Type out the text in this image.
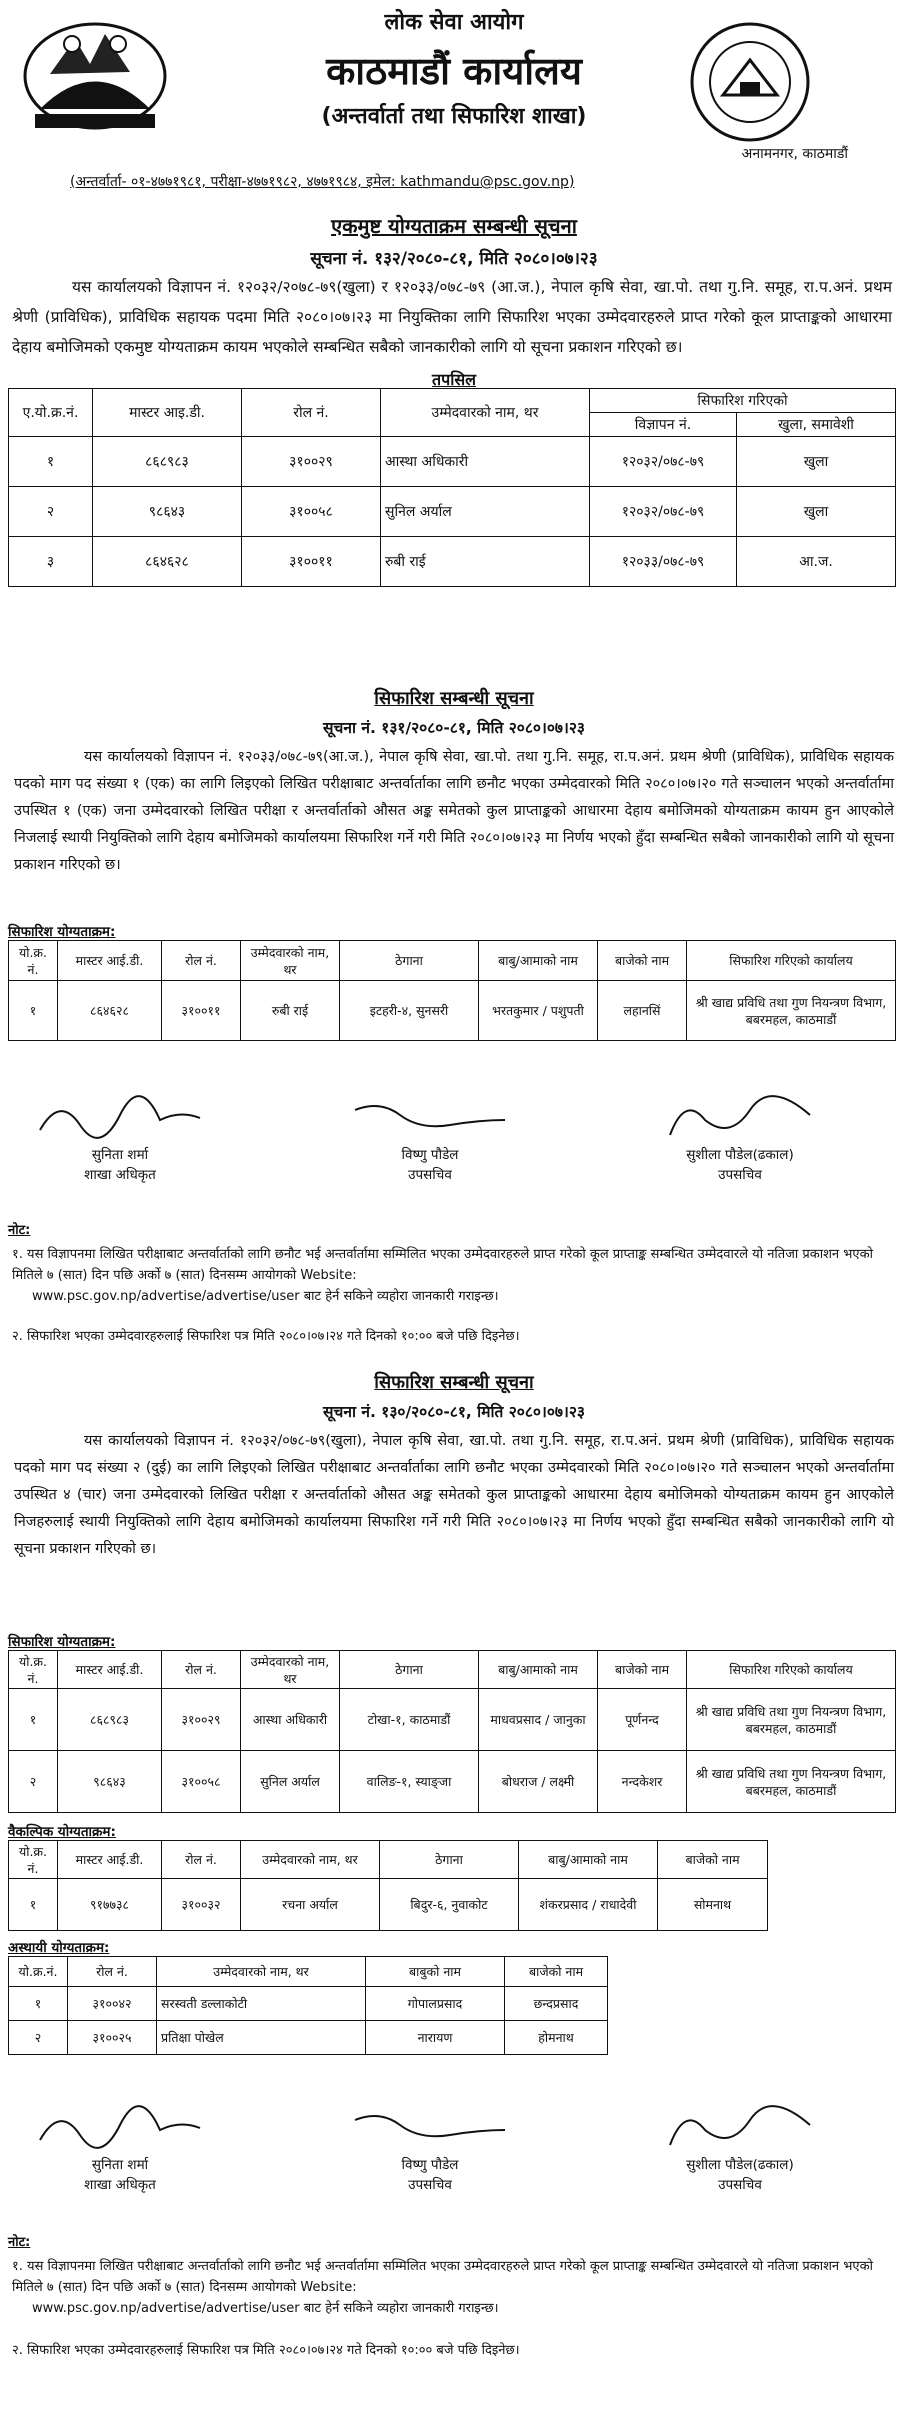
लोक सेवा आयोग
काठमाडौं कार्यालय
(अन्तर्वार्ता तथा सिफारिश शाखा)
अनामनगर, काठमाडौं
(अन्तर्वार्ता- ०१-४७७१९८१, परीक्षा-४७७१९८२, ४७७१९८४, इमेल: kathmandu@psc.gov.np)
एकमुष्ट योग्यताक्रम सम्बन्धी सूचना
सूचना नं. १३२/२०८०-८१, मिति २०८०।०७।२३
यस कार्यालयको विज्ञापन नं. १२०३२/२०७८-७९(खुला) र १२०३३/०७८-७९ (आ.ज.), नेपाल कृषि सेवा, खा.पो. तथा गु.नि. समूह, रा.प.अनं. प्रथम श्रेणी (प्राविधिक), प्राविधिक सहायक पदमा मिति २०८०।०७।२३ मा नियुक्तिका लागि सिफारिश भएका उम्मेदवारहरुले प्राप्त गरेको कूल प्राप्ताङ्कको आधारमा देहाय बमोजिमको एकमुष्ट योग्यताक्रम कायम भएकोले सम्बन्धित सबैको जानकारीको लागि यो सूचना प्रकाशन गरिएको छ।
तपसिल
ए.यो.क्र.नं.	मास्टर आइ.डी.	रोल नं.	उम्मेदवारको नाम, थर	सिफारिश गरिएको	
				विज्ञापन नं.	खुला, समावेशी
१	८६८९८३	३१००२९	आस्था अधिकारी	१२०३२/०७८-७९	खुला
२	९८६४३	३१००५८	सुनिल अर्याल	१२०३२/०७८-७९	खुला
३	८६४६२८	३१००११	रुबी राई	१२०३३/०७८-७९	आ.ज.
सिफारिश सम्बन्धी सूचना
सूचना नं. १३१/२०८०-८१, मिति २०८०।०७।२३
यस कार्यालयको विज्ञापन नं. १२०३३/०७८-७९(आ.ज.), नेपाल कृषि सेवा, खा.पो. तथा गु.नि. समूह, रा.प.अनं. प्रथम श्रेणी (प्राविधिक), प्राविधिक सहायक पदको माग पद संख्या १ (एक) का लागि लिइएको लिखित परीक्षाबाट अन्तर्वार्ताका लागि छनौट भएका उम्मेदवारको मिति २०८०।०७।२० गते सञ्चालन भएको अन्तर्वार्तामा उपस्थित १ (एक) जना उम्मेदवारको लिखित परीक्षा र अन्तर्वार्ताको औसत अङ्क समेतको कुल प्राप्ताङ्कको आधारमा देहाय बमोजिमको योग्यताक्रम कायम हुन आएकोले निजलाई स्थायी नियुक्तिको लागि देहाय बमोजिमको कार्यालयमा सिफारिश गर्ने गरी मिति २०८०।०७।२३ मा निर्णय भएको हुँदा सम्बन्धित सबैको जानकारीको लागि यो सूचना प्रकाशन गरिएको छ।
सिफारिश योग्यताक्रम:
यो.क्र. नं.	मास्टर आई.डी.	रोल नं.	उम्मेदवारको नाम, थर	ठेगाना	बाबु/आमाको नाम	बाजेको नाम	सिफारिश गरिएको कार्यालय
१	८६४६२८	३१००११	रुबी राई	इटहरी-४, सुनसरी	भरतकुमार / पशुपती	लहानसिं	श्री खाद्य प्रविधि तथा गुण नियन्त्रण विभाग, बबरमहल, काठमाडौं
सुनिता शर्मा
शाखा अधिकृत
विष्णु पौडेल
उपसचिव
सुशीला पौडेल(ढकाल)
उपसचिव
नोट:
१. यस विज्ञापनमा लिखित परीक्षाबाट अन्तर्वार्ताको लागि छनौट भई अन्तर्वार्तामा सम्मिलित भएका उम्मेदवारहरुले प्राप्त गरेको कूल प्राप्ताङ्क सम्बन्धित उम्मेदवारले यो नतिजा प्रकाशन भएको मितिले ७ (सात) दिन पछि अर्को ७ (सात) दिनसम्म आयोगको Website:
www.psc.gov.np/advertise/advertise/user बाट हेर्न सकिने व्यहोरा जानकारी गराइन्छ।
२. सिफारिश भएका उम्मेदवारहरुलाई सिफारिश पत्र मिति २०८०।०७।२४ गते दिनको १०:०० बजे पछि दिइनेछ।
सिफारिश सम्बन्धी सूचना
सूचना नं. १३०/२०८०-८१, मिति २०८०।०७।२३
यस कार्यालयको विज्ञापन नं. १२०३२/०७८-७९(खुला), नेपाल कृषि सेवा, खा.पो. तथा गु.नि. समूह, रा.प.अनं. प्रथम श्रेणी (प्राविधिक), प्राविधिक सहायक पदको माग पद संख्या २ (दुई) का लागि लिइएको लिखित परीक्षाबाट अन्तर्वार्ताका लागि छनौट भएका उम्मेदवारको मिति २०८०।०७।२० गते सञ्चालन भएको अन्तर्वार्तामा उपस्थित ४ (चार) जना उम्मेदवारको लिखित परीक्षा र अन्तर्वार्ताको औसत अङ्क समेतको कुल प्राप्ताङ्कको आधारमा देहाय बमोजिमको योग्यताक्रम कायम हुन आएकोले निजहरुलाई स्थायी नियुक्तिको लागि देहाय बमोजिमको कार्यालयमा सिफारिश गर्ने गरी मिति २०८०।०७।२३ मा निर्णय भएको हुँदा सम्बन्धित सबैको जानकारीको लागि यो सूचना प्रकाशन गरिएको छ।
सिफारिश योग्यताक्रम:
यो.क्र. नं.	मास्टर आई.डी.	रोल नं.	उम्मेदवारको नाम, थर	ठेगाना	बाबु/आमाको नाम	बाजेको नाम	सिफारिश गरिएको कार्यालय
१	८६८९८३	३१००२९	आस्था अधिकारी	टोखा-१, काठमाडौं	माधवप्रसाद / जानुका	पूर्णनन्द	श्री खाद्य प्रविधि तथा गुण नियन्त्रण विभाग, बबरमहल, काठमाडौं
२	९८६४३	३१००५८	सुनिल अर्याल	वालिङ-१, स्याङ्जा	बोधराज / लक्ष्मी	नन्दकेशर	श्री खाद्य प्रविधि तथा गुण नियन्त्रण विभाग, बबरमहल, काठमाडौं
वैकल्पिक योग्यताक्रम:
यो.क्र. नं.	मास्टर आई.डी.	रोल नं.	उम्मेदवारको नाम, थर	ठेगाना	बाबु/आमाको नाम	बाजेको नाम
१	९१७७३८	३१००३२	रचना अर्याल	बिदुर-६, नुवाकोट	शंकरप्रसाद / राधादेवी	सोमनाथ
अस्थायी योग्यताक्रम:
यो.क्र.नं.	रोल नं.	उम्मेदवारको नाम, थर	बाबुको नाम	बाजेको नाम
१	३१००४२	सरस्वती डल्लाकोटी	गोपालप्रसाद	छन्दप्रसाद
२	३१००२५	प्रतिक्षा पोखेल	नारायण	होमनाथ
सुनिता शर्मा
शाखा अधिकृत
विष्णु पौडेल
उपसचिव
सुशीला पौडेल(ढकाल)
उपसचिव
नोट:
१. यस विज्ञापनमा लिखित परीक्षाबाट अन्तर्वार्ताको लागि छनौट भई अन्तर्वार्तामा सम्मिलित भएका उम्मेदवारहरुले प्राप्त गरेको कूल प्राप्ताङ्क सम्बन्धित उम्मेदवारले यो नतिजा प्रकाशन भएको मितिले ७ (सात) दिन पछि अर्को ७ (सात) दिनसम्म आयोगको Website:
www.psc.gov.np/advertise/advertise/user बाट हेर्न सकिने व्यहोरा जानकारी गराइन्छ।
२. सिफारिश भएका उम्मेदवारहरुलाई सिफारिश पत्र मिति २०८०।०७।२४ गते दिनको १०:०० बजे पछि दिइनेछ।
